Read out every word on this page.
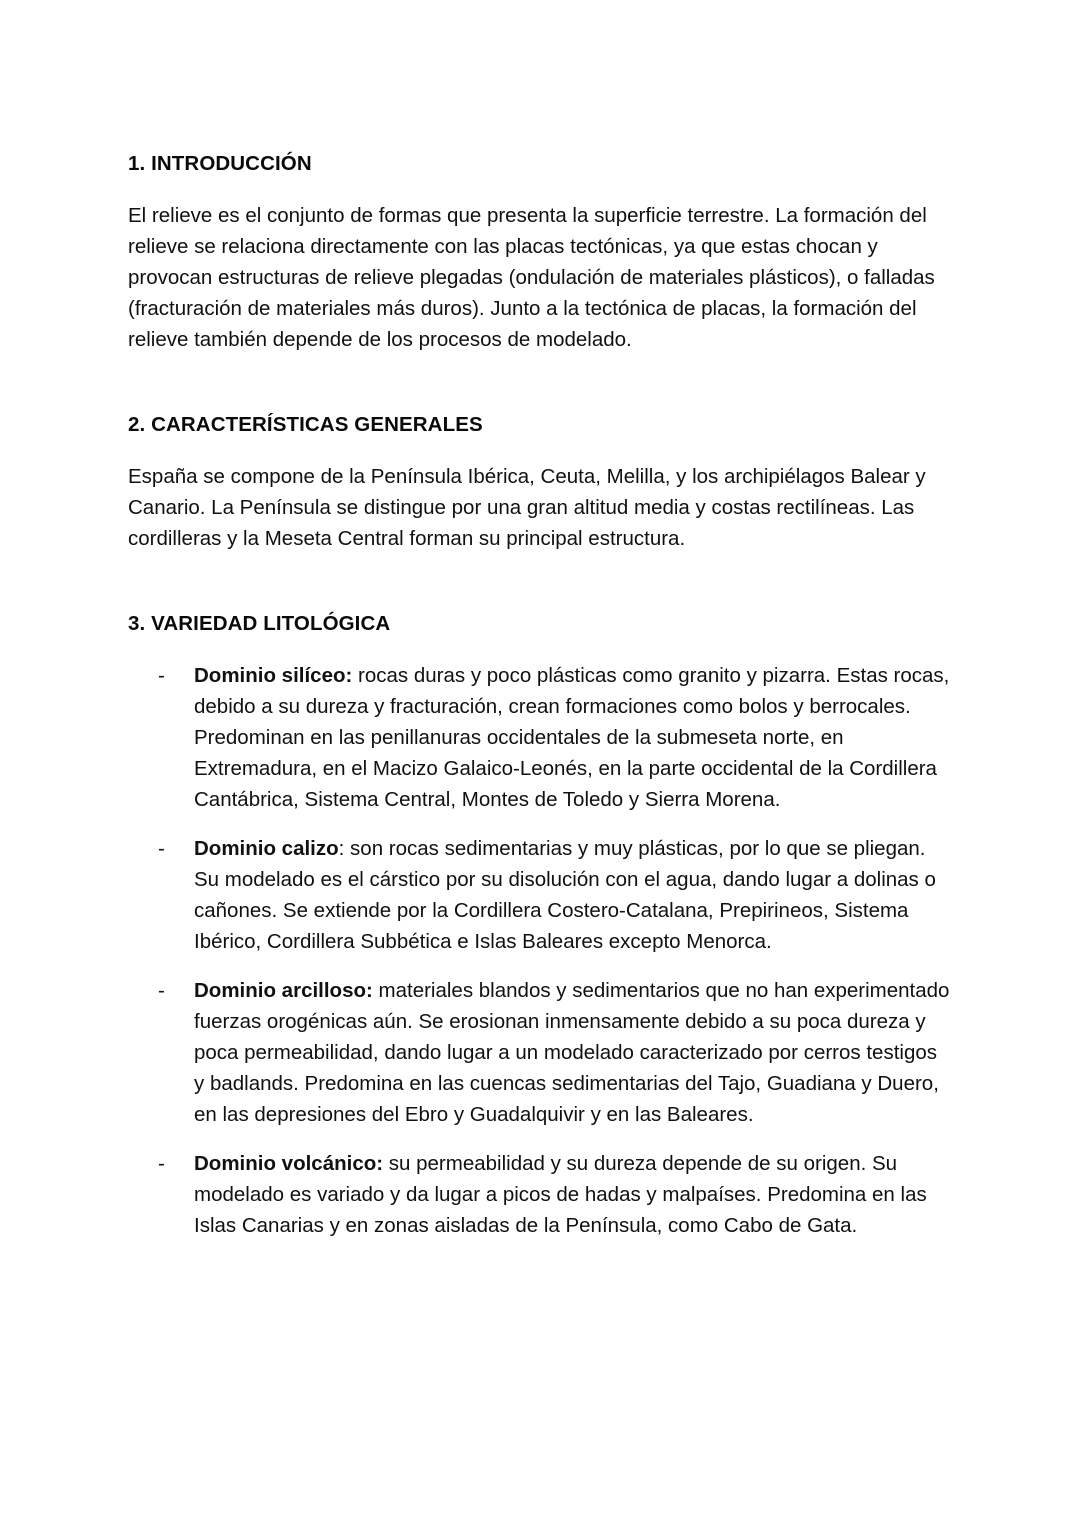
1. INTRODUCCIÓN

El relieve es el conjunto de formas que presenta la superficie terrestre. La formación del relieve se relaciona directamente con las placas tectónicas, ya que estas chocan y provocan estructuras de relieve plegadas (ondulación de materiales plásticos), o falladas (fracturación de materiales más duros). Junto a la tectónica de placas, la formación del relieve también depende de los procesos de modelado.

2. CARACTERÍSTICAS GENERALES

España se compone de la Península Ibérica, Ceuta, Melilla, y los archipiélagos Balear y Canario. La Península se distingue por una gran altitud media y costas rectilíneas. Las cordilleras y la Meseta Central forman su principal estructura.

3. VARIEDAD LITOLÓGICA
- Dominio silíceo: rocas duras y poco plásticas como granito y pizarra. Estas rocas, debido a su dureza y fracturación, crean formaciones como bolos y berrocales. Predominan en las penillanuras occidentales de la submeseta norte, en Extremadura, en el Macizo Galaico-Leonés, en la parte occidental de la Cordillera Cantábrica, Sistema Central, Montes de Toledo y Sierra Morena.
- Dominio calizo: son rocas sedimentarias y muy plásticas, por lo que se pliegan. Su modelado es el cárstico por su disolución con el agua, dando lugar a dolinas o cañones. Se extiende por la Cordillera Costero-Catalana, Prepirineos, Sistema Ibérico, Cordillera Subbética e Islas Baleares excepto Menorca.
- Dominio arcilloso: materiales blandos y sedimentarios que no han experimentado fuerzas orogénicas aún. Se erosionan inmensamente debido a su poca dureza y poca permeabilidad, dando lugar a un modelado caracterizado por cerros testigos y badlands. Predomina en las cuencas sedimentarias del Tajo, Guadiana y Duero, en las depresiones del Ebro y Guadalquivir y en las Baleares.
- Dominio volcánico: su permeabilidad y su dureza depende de su origen. Su modelado es variado y da lugar a picos de hadas y malpaíses. Predomina en las Islas Canarias y en zonas aisladas de la Península, como Cabo de Gata.
